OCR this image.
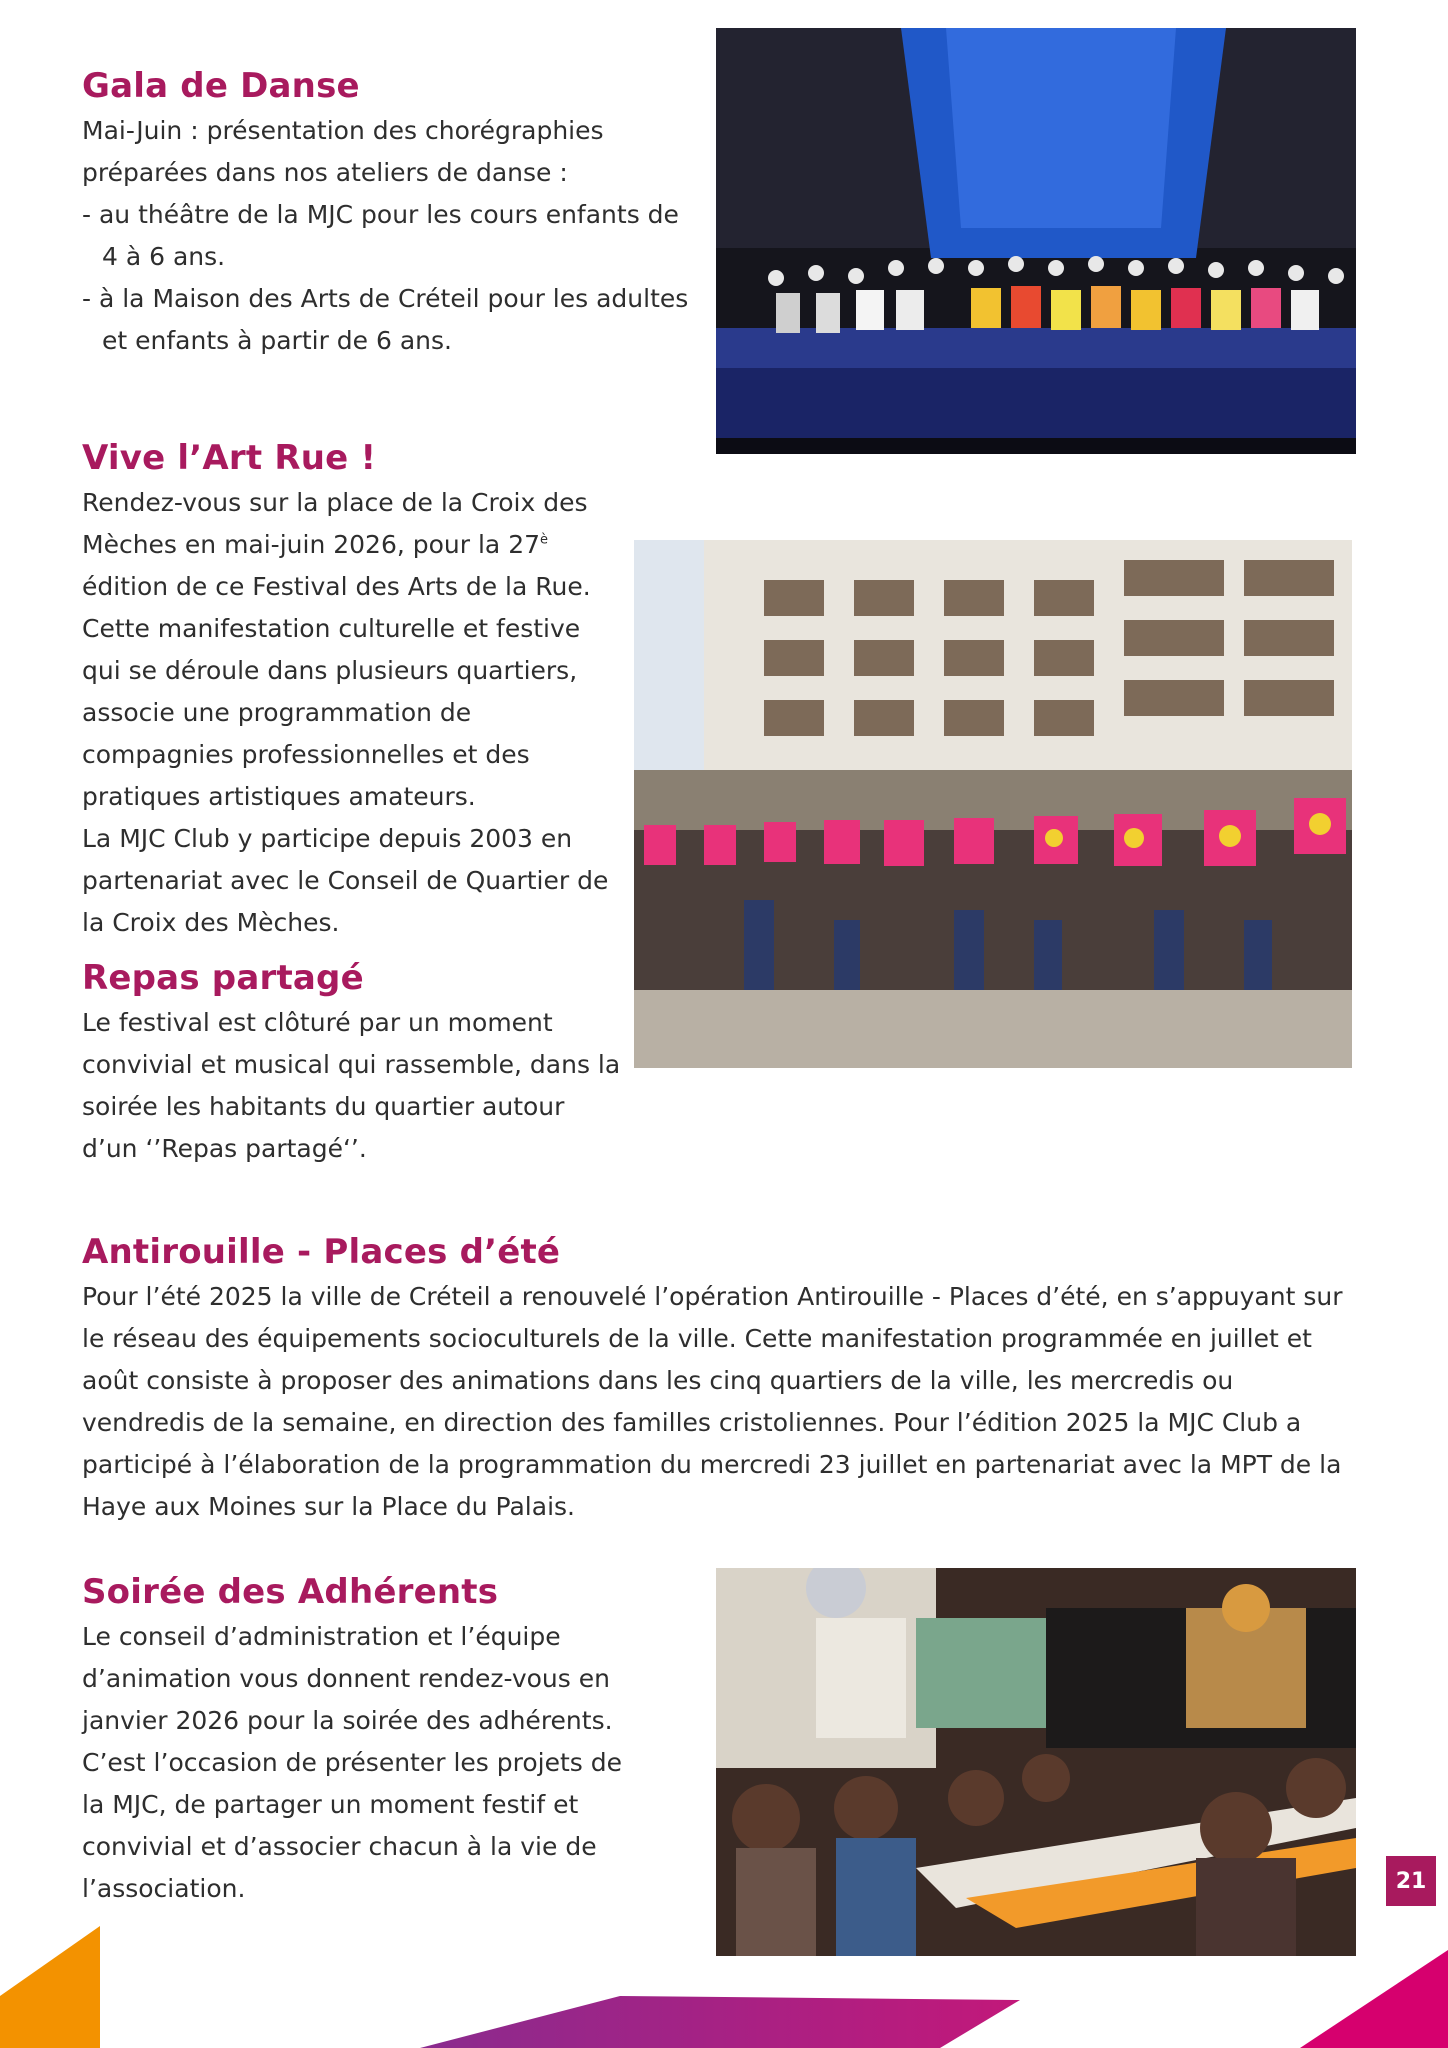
Gala de Danse

Mai-Juin : présentation des chorégraphies préparées dans nos ateliers de danse :

- au théâtre de la MJC pour les cours enfants de 4 à 6 ans.
- à la Maison des Arts de Créteil pour les adultes et enfants à partir de 6 ans.

Vive l’Art Rue !

Rendez-vous sur la place de la Croix des Mèches en mai-juin 2026, pour la $27^è$ édition de ce Festival des Arts de la Rue. Cette manifestation culturelle et festive qui se déroule dans plusieurs quartiers, associe une programmation de compagnies professionnelles et des pratiques artistiques amateurs.

La MJC Club y participe depuis 2003 en partenariat avec le Conseil de Quartier de la Croix des Mèches.

Repas partagé

Le festival est clôturé par un moment convivial et musical qui rassemble, dans la soirée les habitants du quartier autour d’un ‘’Repas partagé‘’.

Antirouille - Places d’été

Pour l’été 2025 la ville de Créteil a renouvelé l’opération Antirouille - Places d’été, en s’appuyant sur le réseau des équipements socioculturels de la ville. Cette manifestation programmée en juillet et août consiste à proposer des animations dans les cinq quartiers de la ville, les mercredis ou vendredis de la semaine, en direction des familles cristoliennes. Pour l’édition 2025 la MJC Club a participé à l’élaboration de la programmation du mercredi 23 juillet en partenariat avec la MPT de la Haye aux Moines sur la Place du Palais.

Soirée des Adhérents

Le conseil d’administration et l’équipe d’animation vous donnent rendez-vous en janvier 2026 pour la soirée des adhérents. C’est l’occasion de présenter les projets de la MJC, de partager un moment festif et convivial et d’associer chacun à la vie de l’association.	21
